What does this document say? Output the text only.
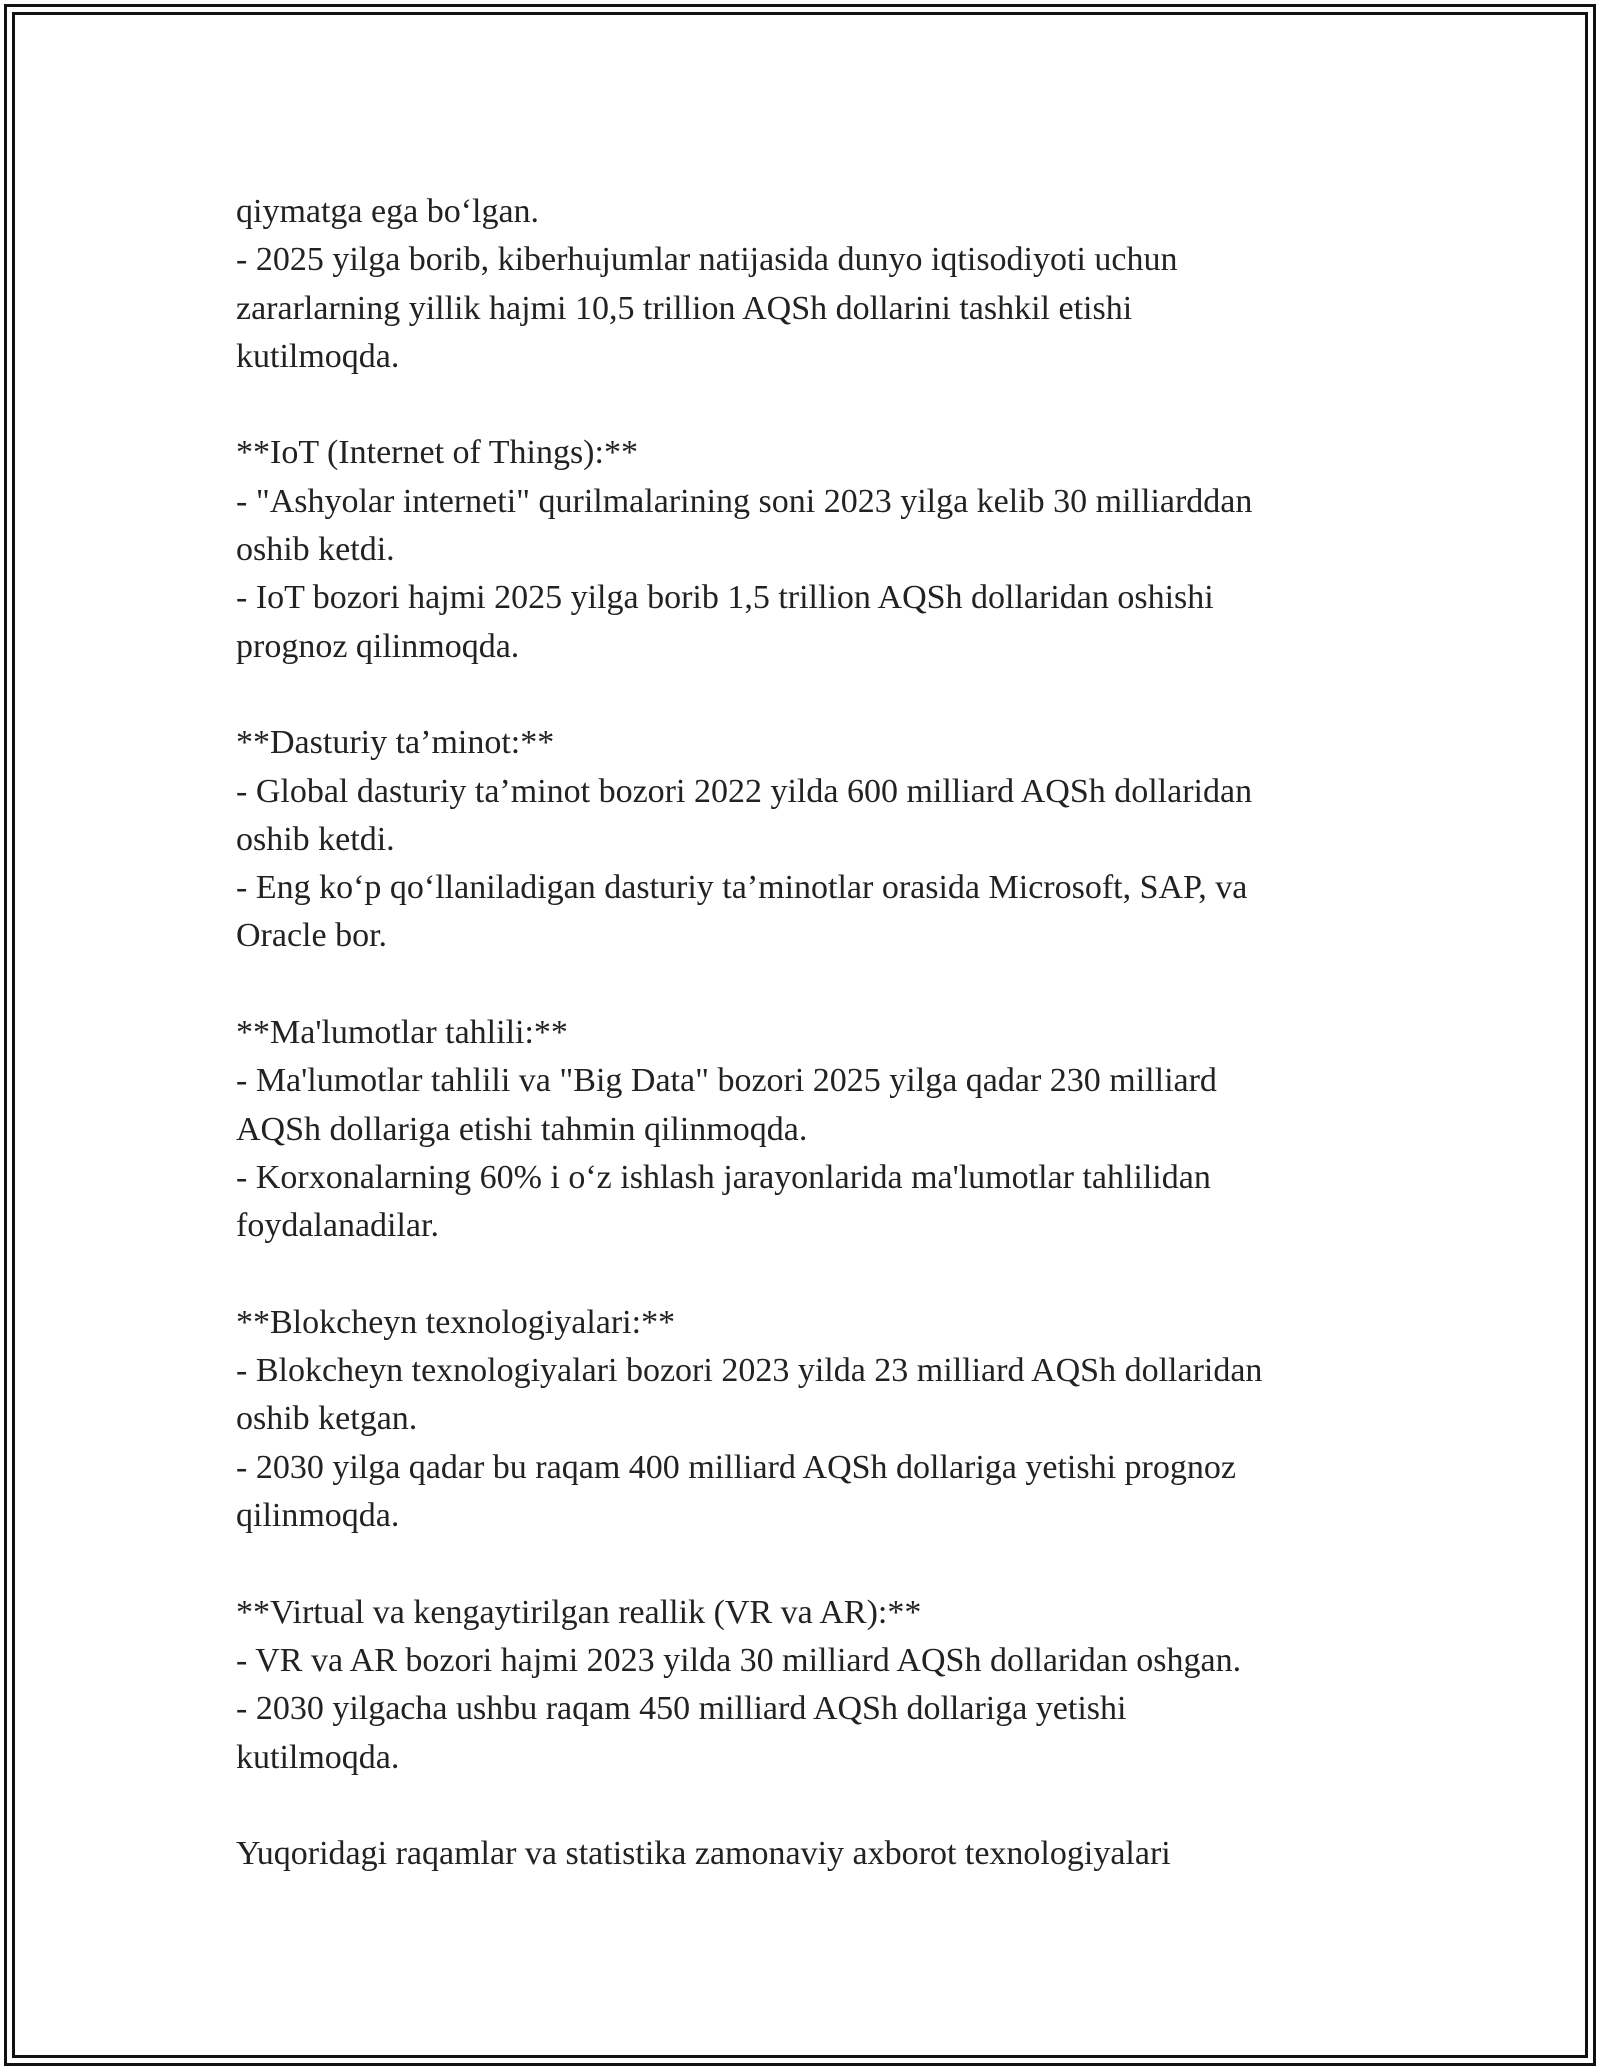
qiymatga ega bo‘lgan.
- 2025 yilga borib, kiberhujumlar natijasida dunyo iqtisodiyoti uchun
zararlarning yillik hajmi 10,5 trillion AQSh dollarini tashkil etishi
kutilmoqda.
**IoT (Internet of Things):**
- "Ashyolar interneti" qurilmalarining soni 2023 yilga kelib 30 milliarddan
oshib ketdi.
- IoT bozori hajmi 2025 yilga borib 1,5 trillion AQSh dollaridan oshishi
prognoz qilinmoqda.
**Dasturiy ta’minot:**
- Global dasturiy ta’minot bozori 2022 yilda 600 milliard AQSh dollaridan
oshib ketdi.
- Eng ko‘p qo‘llaniladigan dasturiy ta’minotlar orasida Microsoft, SAP, va
Oracle bor.
**Ma'lumotlar tahlili:**
- Ma'lumotlar tahlili va "Big Data" bozori 2025 yilga qadar 230 milliard
AQSh dollariga etishi tahmin qilinmoqda.
- Korxonalarning 60% i o‘z ishlash jarayonlarida ma'lumotlar tahlilidan
foydalanadilar.
**Blokcheyn texnologiyalari:**
- Blokcheyn texnologiyalari bozori 2023 yilda 23 milliard AQSh dollaridan
oshib ketgan.
- 2030 yilga qadar bu raqam 400 milliard AQSh dollariga yetishi prognoz
qilinmoqda.
**Virtual va kengaytirilgan reallik (VR va AR):**
- VR va AR bozori hajmi 2023 yilda 30 milliard AQSh dollaridan oshgan.
- 2030 yilgacha ushbu raqam 450 milliard AQSh dollariga yetishi
kutilmoqda.
Yuqoridagi raqamlar va statistika zamonaviy axborot texnologiyalari
